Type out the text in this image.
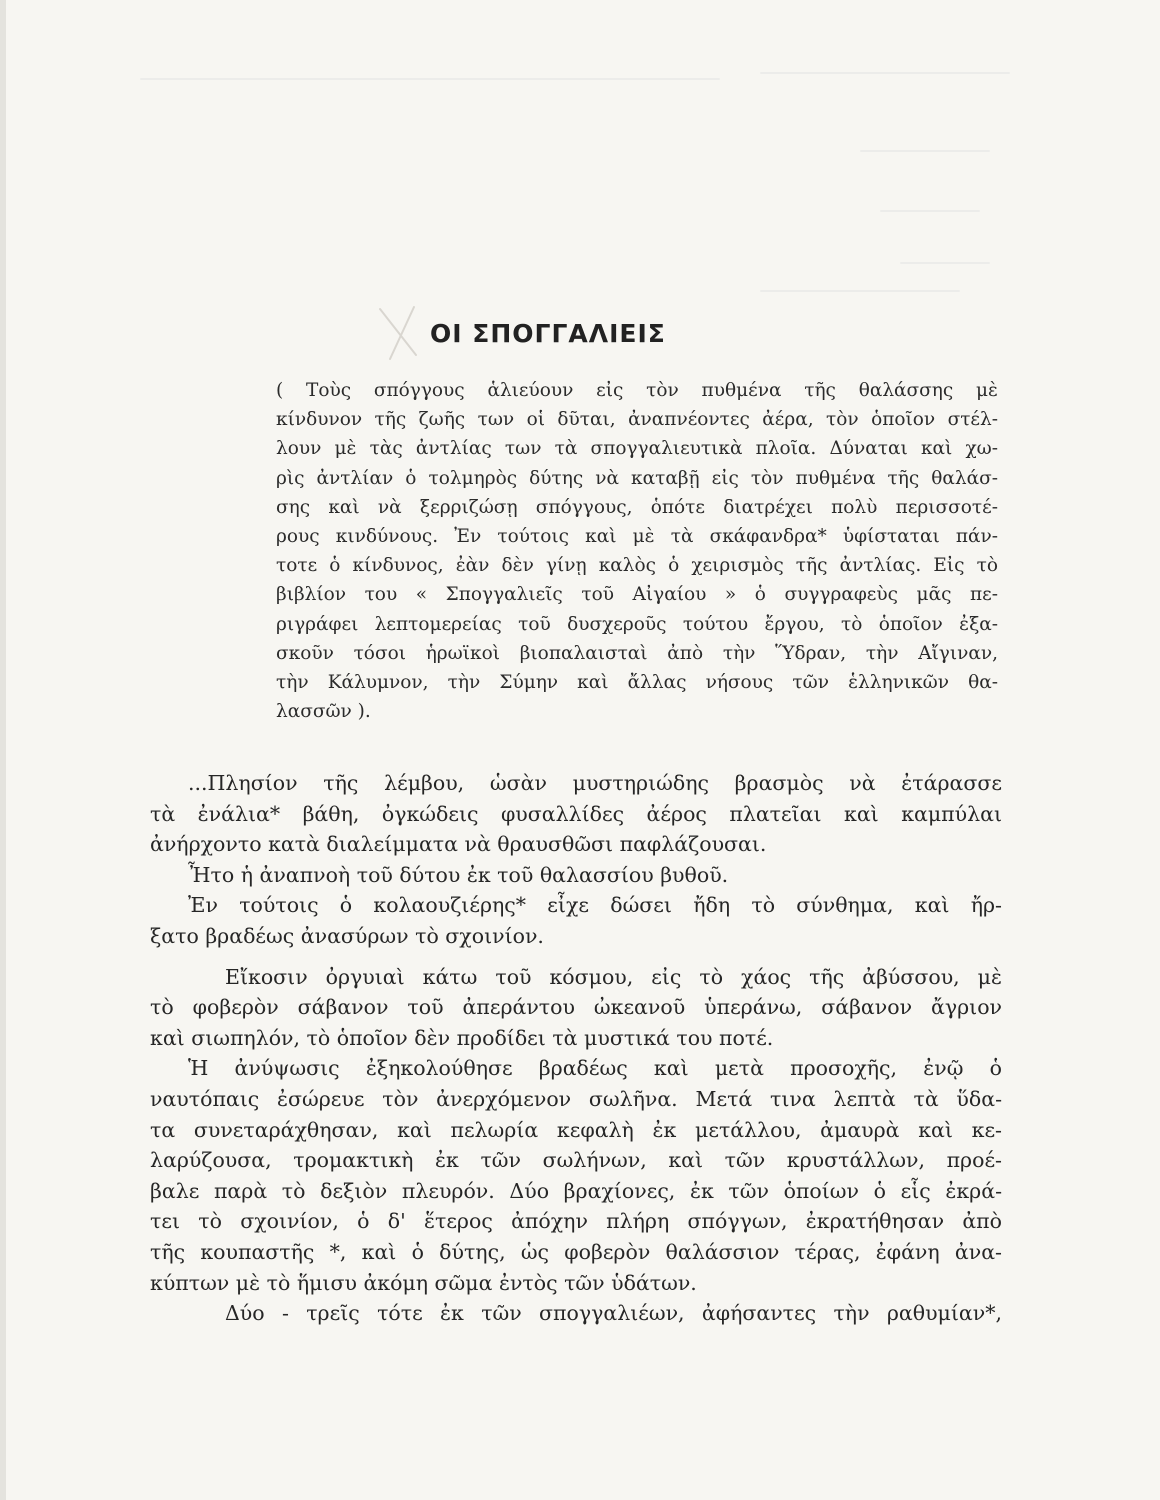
ΟΙ ΣΠΟΓΓΑΛΙΕΙΣ
( Τοὺς σπόγγους ἁλιεύουν εἰς τὸν πυθμένα τῆς θαλάσσης μὲ
κίνδυνον τῆς ζωῆς των οἱ δῦται, ἀναπνέοντες ἀέρα, τὸν ὁποῖον στέλ-
λουν μὲ τὰς ἀντλίας των τὰ σπογγαλιευτικὰ πλοῖα. Δύναται καὶ χω-
ρὶς ἀντλίαν ὁ τολμηρὸς δύτης νὰ καταβῇ εἰς τὸν πυθμένα τῆς θαλάσ-
σης καὶ νὰ ξερριζώσῃ σπόγγους, ὁπότε διατρέχει πολὺ περισσοτέ-
ρους κινδύνους. Ἐν τούτοις καὶ μὲ τὰ σκάφανδρα* ὑφίσταται πάν-
τοτε ὁ κίνδυνος, ἐὰν δὲν γίνῃ καλὸς ὁ χειρισμὸς τῆς ἀντλίας. Εἰς τὸ
βιβλίον του « Σπογγαλιεῖς τοῦ Αἰγαίου » ὁ συγγραφεὺς μᾶς πε-
ριγράφει λεπτομερείας τοῦ δυσχεροῦς τούτου ἔργου, τὸ ὁποῖον ἐξα-
σκοῦν τόσοι ἡρωϊκοὶ βιοπαλαισταὶ ἀπὸ τὴν Ὕδραν, τὴν Αἴγιναν,
τὴν Κάλυμνον, τὴν Σύμην καὶ ἄλλας νήσους τῶν ἑλληνικῶν θα-
λασσῶν ).
...Πλησίον τῆς λέμβου, ὡσὰν μυστηριώδης βρασμὸς νὰ ἐτάρασσε
τὰ ἐνάλια* βάθη, ὀγκώδεις φυσαλλίδες ἀέρος πλατεῖαι καὶ καμπύλαι
ἀνήρχοντο κατὰ διαλείμματα νὰ θραυσθῶσι παφλάζουσαι.
Ἦτο ἡ ἀναπνοὴ τοῦ δύτου ἐκ τοῦ θαλασσίου βυθοῦ.
Ἐν τούτοις ὁ κολαουζιέρης* εἶχε δώσει ἤδη τὸ σύνθημα, καὶ ἤρ-
ξατο βραδέως ἀνασύρων τὸ σχοινίον.
Εἴκοσιν ὀργυιαὶ κάτω τοῦ κόσμου, εἰς τὸ χάος τῆς ἀβύσσου, μὲ
τὸ φοβερὸν σάβανον τοῦ ἀπεράντου ὠκεανοῦ ὑπεράνω, σάβανον ἄγριον
καὶ σιωπηλόν, τὸ ὁποῖον δὲν προδίδει τὰ μυστικά του ποτέ.
Ἡ ἀνύψωσις ἐξηκολούθησε βραδέως καὶ μετὰ προσοχῆς, ἐνῷ ὁ
ναυτόπαις ἐσώρευε τὸν ἀνερχόμενον σωλῆνα. Μετά τινα λεπτὰ τὰ ὕδα-
τα συνεταράχθησαν, καὶ πελωρία κεφαλὴ ἐκ μετάλλου, ἀμαυρὰ καὶ κε-
λαρύζουσα, τρομακτικὴ ἐκ τῶν σωλήνων, καὶ τῶν κρυστάλλων, προέ-
βαλε παρὰ τὸ δεξιὸν πλευρόν. Δύο βραχίονες, ἐκ τῶν ὁποίων ὁ εἷς ἐκρά-
τει τὸ σχοινίον, ὁ δ' ἕτερος ἀπόχην πλήρη σπόγγων, ἐκρατήθησαν ἀπὸ
τῆς κουπαστῆς *, καὶ ὁ δύτης, ὡς φοβερὸν θαλάσσιον τέρας, ἐφάνη ἀνα-
κύπτων μὲ τὸ ἥμισυ ἀκόμη σῶμα ἐντὸς τῶν ὑδάτων.
Δύο - τρεῖς τότε ἐκ τῶν σπογγαλιέων, ἀφήσαντες τὴν ραθυμίαν*,
